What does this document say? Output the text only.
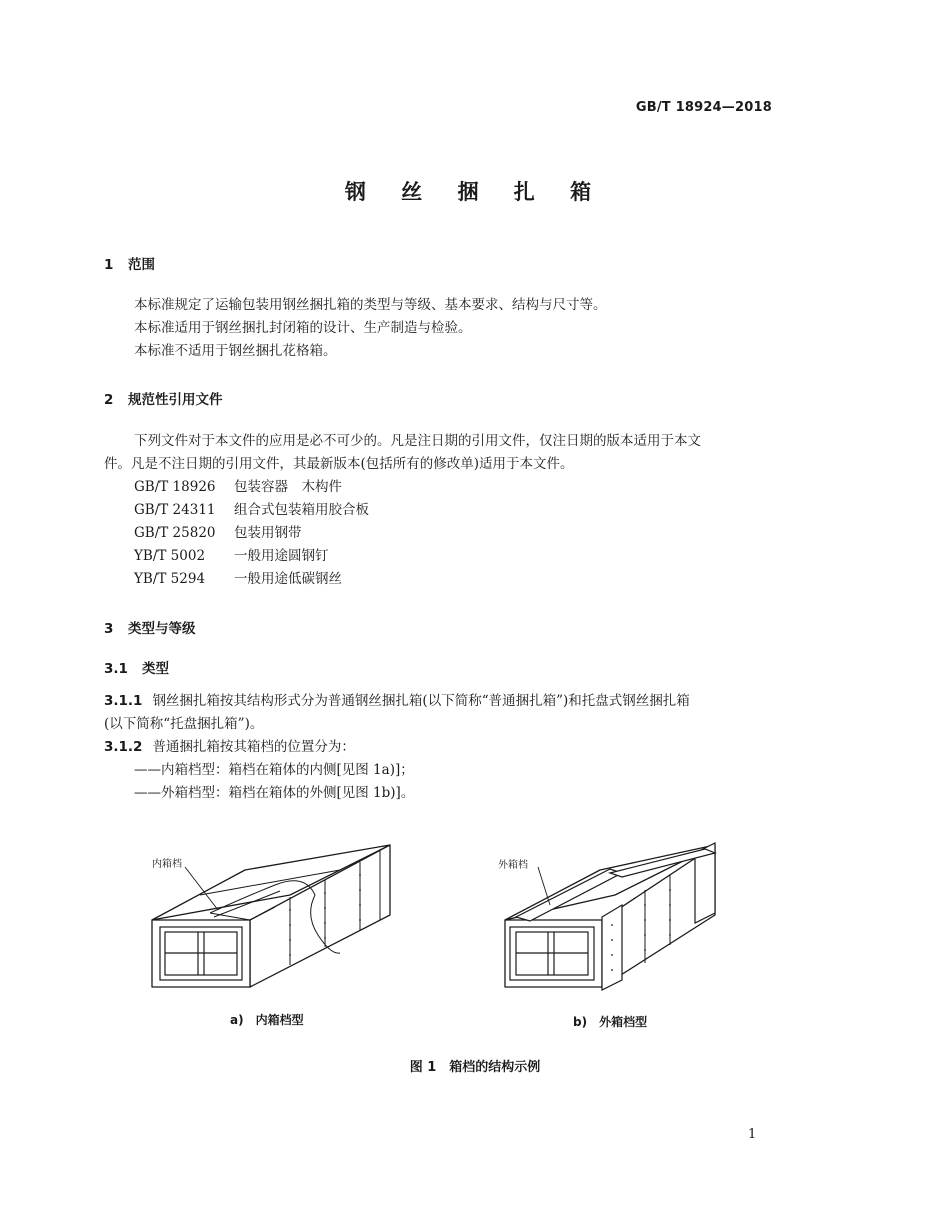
GB/T 18924—2018
钢 丝 捆 扎 箱
1 范围
本标准规定了运输包装用钢丝捆扎箱的类型与等级、基本要求、结构与尺寸等。
本标准适用于钢丝捆扎封闭箱的设计、生产制造与检验。
本标准不适用于钢丝捆扎花格箱。
2 规范性引用文件
下列文件对于本文件的应用是必不可少的。凡是注日期的引用文件，仅注日期的版本适用于本文
件。凡是不注日期的引用文件，其最新版本(包括所有的修改单)适用于本文件。
GB/T 18926 包装容器　木构件
GB/T 24311 组合式包装箱用胶合板
GB/T 25820 包装用钢带
YB/T 5002 一般用途圆钢钉
YB/T 5294 一般用途低碳钢丝
3 类型与等级
3.1 类型
3.1.1 钢丝捆扎箱按其结构形式分为普通钢丝捆扎箱(以下简称“普通捆扎箱”)和托盘式钢丝捆扎箱
(以下简称“托盘捆扎箱”)。
3.1.2 普通捆扎箱按其箱档的位置分为：
——内箱档型：箱档在箱体的内侧[见图 1a)]；
——外箱档型：箱档在箱体的外侧[见图 1b)]。
内箱档	外箱档
a)　内箱档型	b)　外箱档型
图 1　箱档的结构示例
1
